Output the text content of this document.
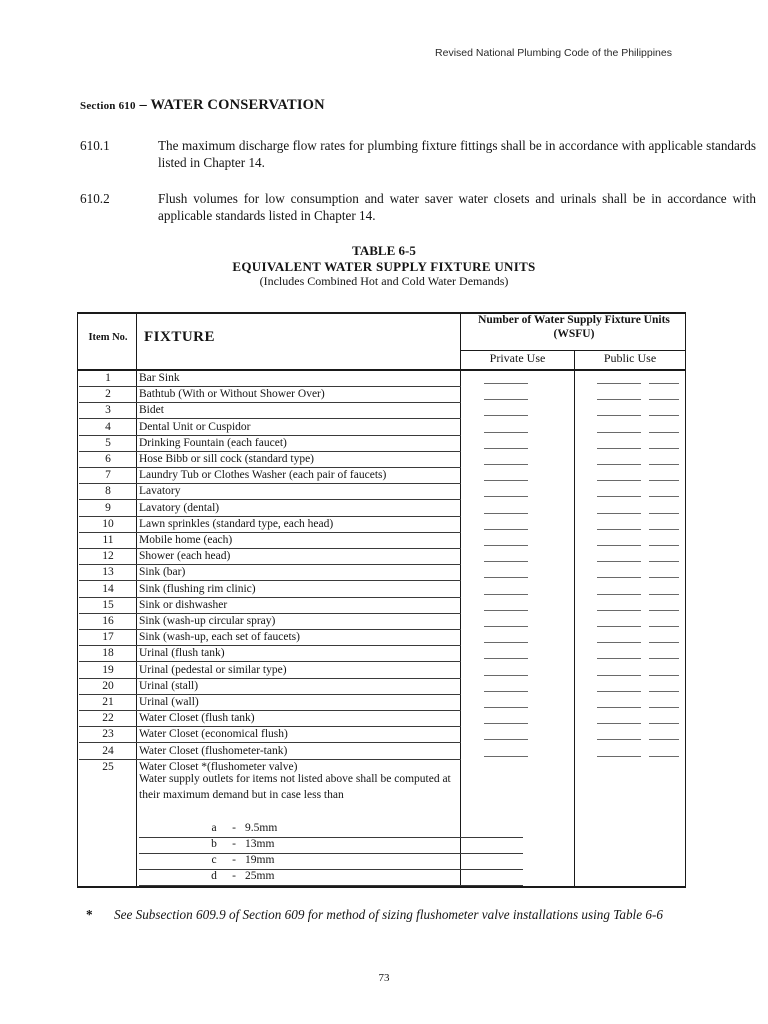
Revised National Plumbing Code of the Philippines
Section 610 – WATER CONSERVATION
610.1	The maximum discharge flow rates for plumbing fixture fittings shall be in accordance with applicable standards listed in Chapter 14.
610.2	Flush volumes for low consumption and water saver water closets and urinals shall be in accordance with applicable standards listed in Chapter 14.
TABLE 6-5
EQUIVALENT WATER SUPPLY FIXTURE UNITS
(Includes Combined Hot and Cold Water Demands)
Item No.	FIXTURE
Number of Water Supply Fixture Units (WSFU)
Private Use	Public Use
1	Bar Sink
2	Bathtub (With or Without Shower Over)
3	Bidet
4	Dental Unit or Cuspidor
5	Drinking Fountain (each faucet)
6	Hose Bibb or sill cock (standard type)
7	Laundry Tub or Clothes Washer (each pair of faucets)
8	Lavatory
9	Lavatory (dental)
10	Lawn sprinkles (standard type, each head)
11	Mobile home (each)
12	Shower (each head)
13	Sink (bar)
14	Sink (flushing rim clinic)
15	Sink or dishwasher
16	Sink (wash-up circular spray)
17	Sink (wash-up, each set of faucets)
18	Urinal (flush tank)
19	Urinal (pedestal or similar type)
20	Urinal (stall)
21	Urinal (wall)
22	Water Closet (flush tank)
23	Water Closet (economical flush)
24	Water Closet (flushometer-tank)
25	Water Closet *(flushometer valve)
Water supply outlets for items not listed above shall be computed at their maximum demand but in case less than
a - 9.5mm
b - 13mm
c - 19mm
d - 25mm
* See Subsection 609.9 of Section 609 for method of sizing flushometer valve installations using Table 6-6
73
